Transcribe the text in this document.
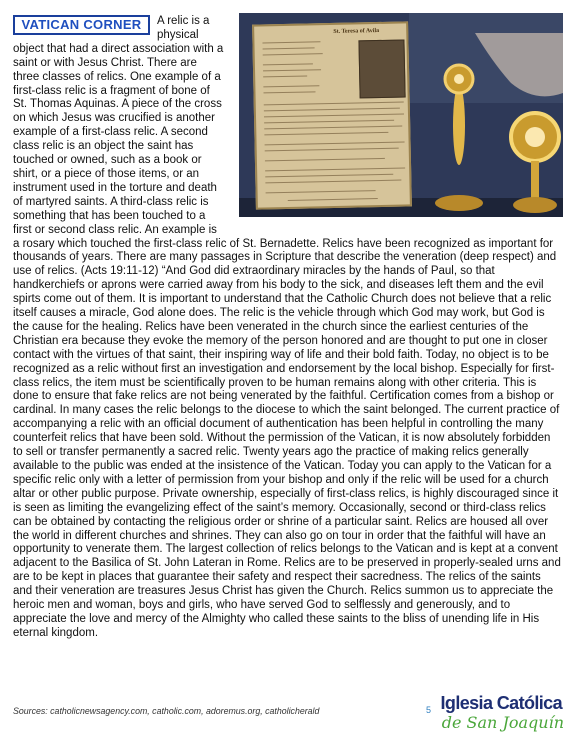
St. Teresa of Avila
VATICAN CORNER	A relic is a physical object that had a direct association with a saint or with Jesus Christ. There are three classes of relics. One example of a first-class relic is a fragment of bone of St. Thomas Aquinas. A piece of the cross on which Jesus was crucified is another example of a first-class relic. A second class relic is an object the saint has touched or owned, such as a book or shirt, or a piece of those items, or an instrument used in the torture and death of martyred saints. A third-class relic is something that has been touched to a first or second class relic. An example is a rosary which touched the first-class relic of St. Bernadette. Relics have been recognized as important for thousands of years. There are many passages in Scripture that describe the veneration (deep respect) and use of relics. (Acts 19:11-12) “And God did extraordinary miracles by the hands of Paul, so that handkerchiefs or aprons were carried away from his body to the sick, and diseases left them and the evil spirts come out of them. It is important to understand that the Catholic Church does not believe that a relic itself causes a miracle, God alone does. The relic is the vehicle through which God may work, but God is the cause for the healing. Relics have been venerated in the church since the earliest centuries of the Christian era because they evoke the memory of the person honored and are thought to put one in closer contact with the virtues of that saint, their inspiring way of life and their bold faith. Today, no object is to be recognized as a relic without first an investigation and endorsement by the local bishop. Especially for first-class relics, the item must be scientifically proven to be human remains along with other criteria. This is done to ensure that fake relics are not being venerated by the faithful. Certification comes from a bishop or cardinal. In many cases the relic belongs to the diocese to which the saint belonged. The current practice of accompanying a relic with an official document of authentication has been helpful in controlling the many counterfeit relics that have been sold. Without the permission of the Vatican, it is now absolutely forbidden to sell or transfer permanently a sacred relic. Twenty years ago the practice of making relics generally available to the public was ended at the insistence of the Vatican. Today you can apply to the Vatican for a specific relic only with a letter of permission from your bishop and only if the relic will be used for a church altar or other public purpose. Private ownership, especially of first-class relics, is highly discouraged since it is seen as limiting the evangelizing effect of the saint’s memory. Occasionally, second or third-class relics can be obtained by contacting the religious order or shrine of a particular saint. Relics are housed all over the world in different churches and shrines. They can also go on tour in order that the faithful will have an opportunity to venerate them. The largest collection of relics belongs to the Vatican and is kept at a convent adjacent to the Basilica of St. John Lateran in Rome. Relics are to be preserved in properly-sealed urns and are to be kept in places that guarantee their safety and respect their sacredness. The relics of the saints and their veneration are treasures Jesus Christ has given the Church. Relics summon us to appreciate the heroic men and woman, boys and girls, who have served God to selflessly and generously, and to appreciate the love and mercy of the Almighty who called these saints to the bliss of unending life in His eternal kingdom.

Sources: catholicnewsagency.com, catholic.com, adoremus.org, catholicherald	5 Iglesia Católica
de San Joaquín
